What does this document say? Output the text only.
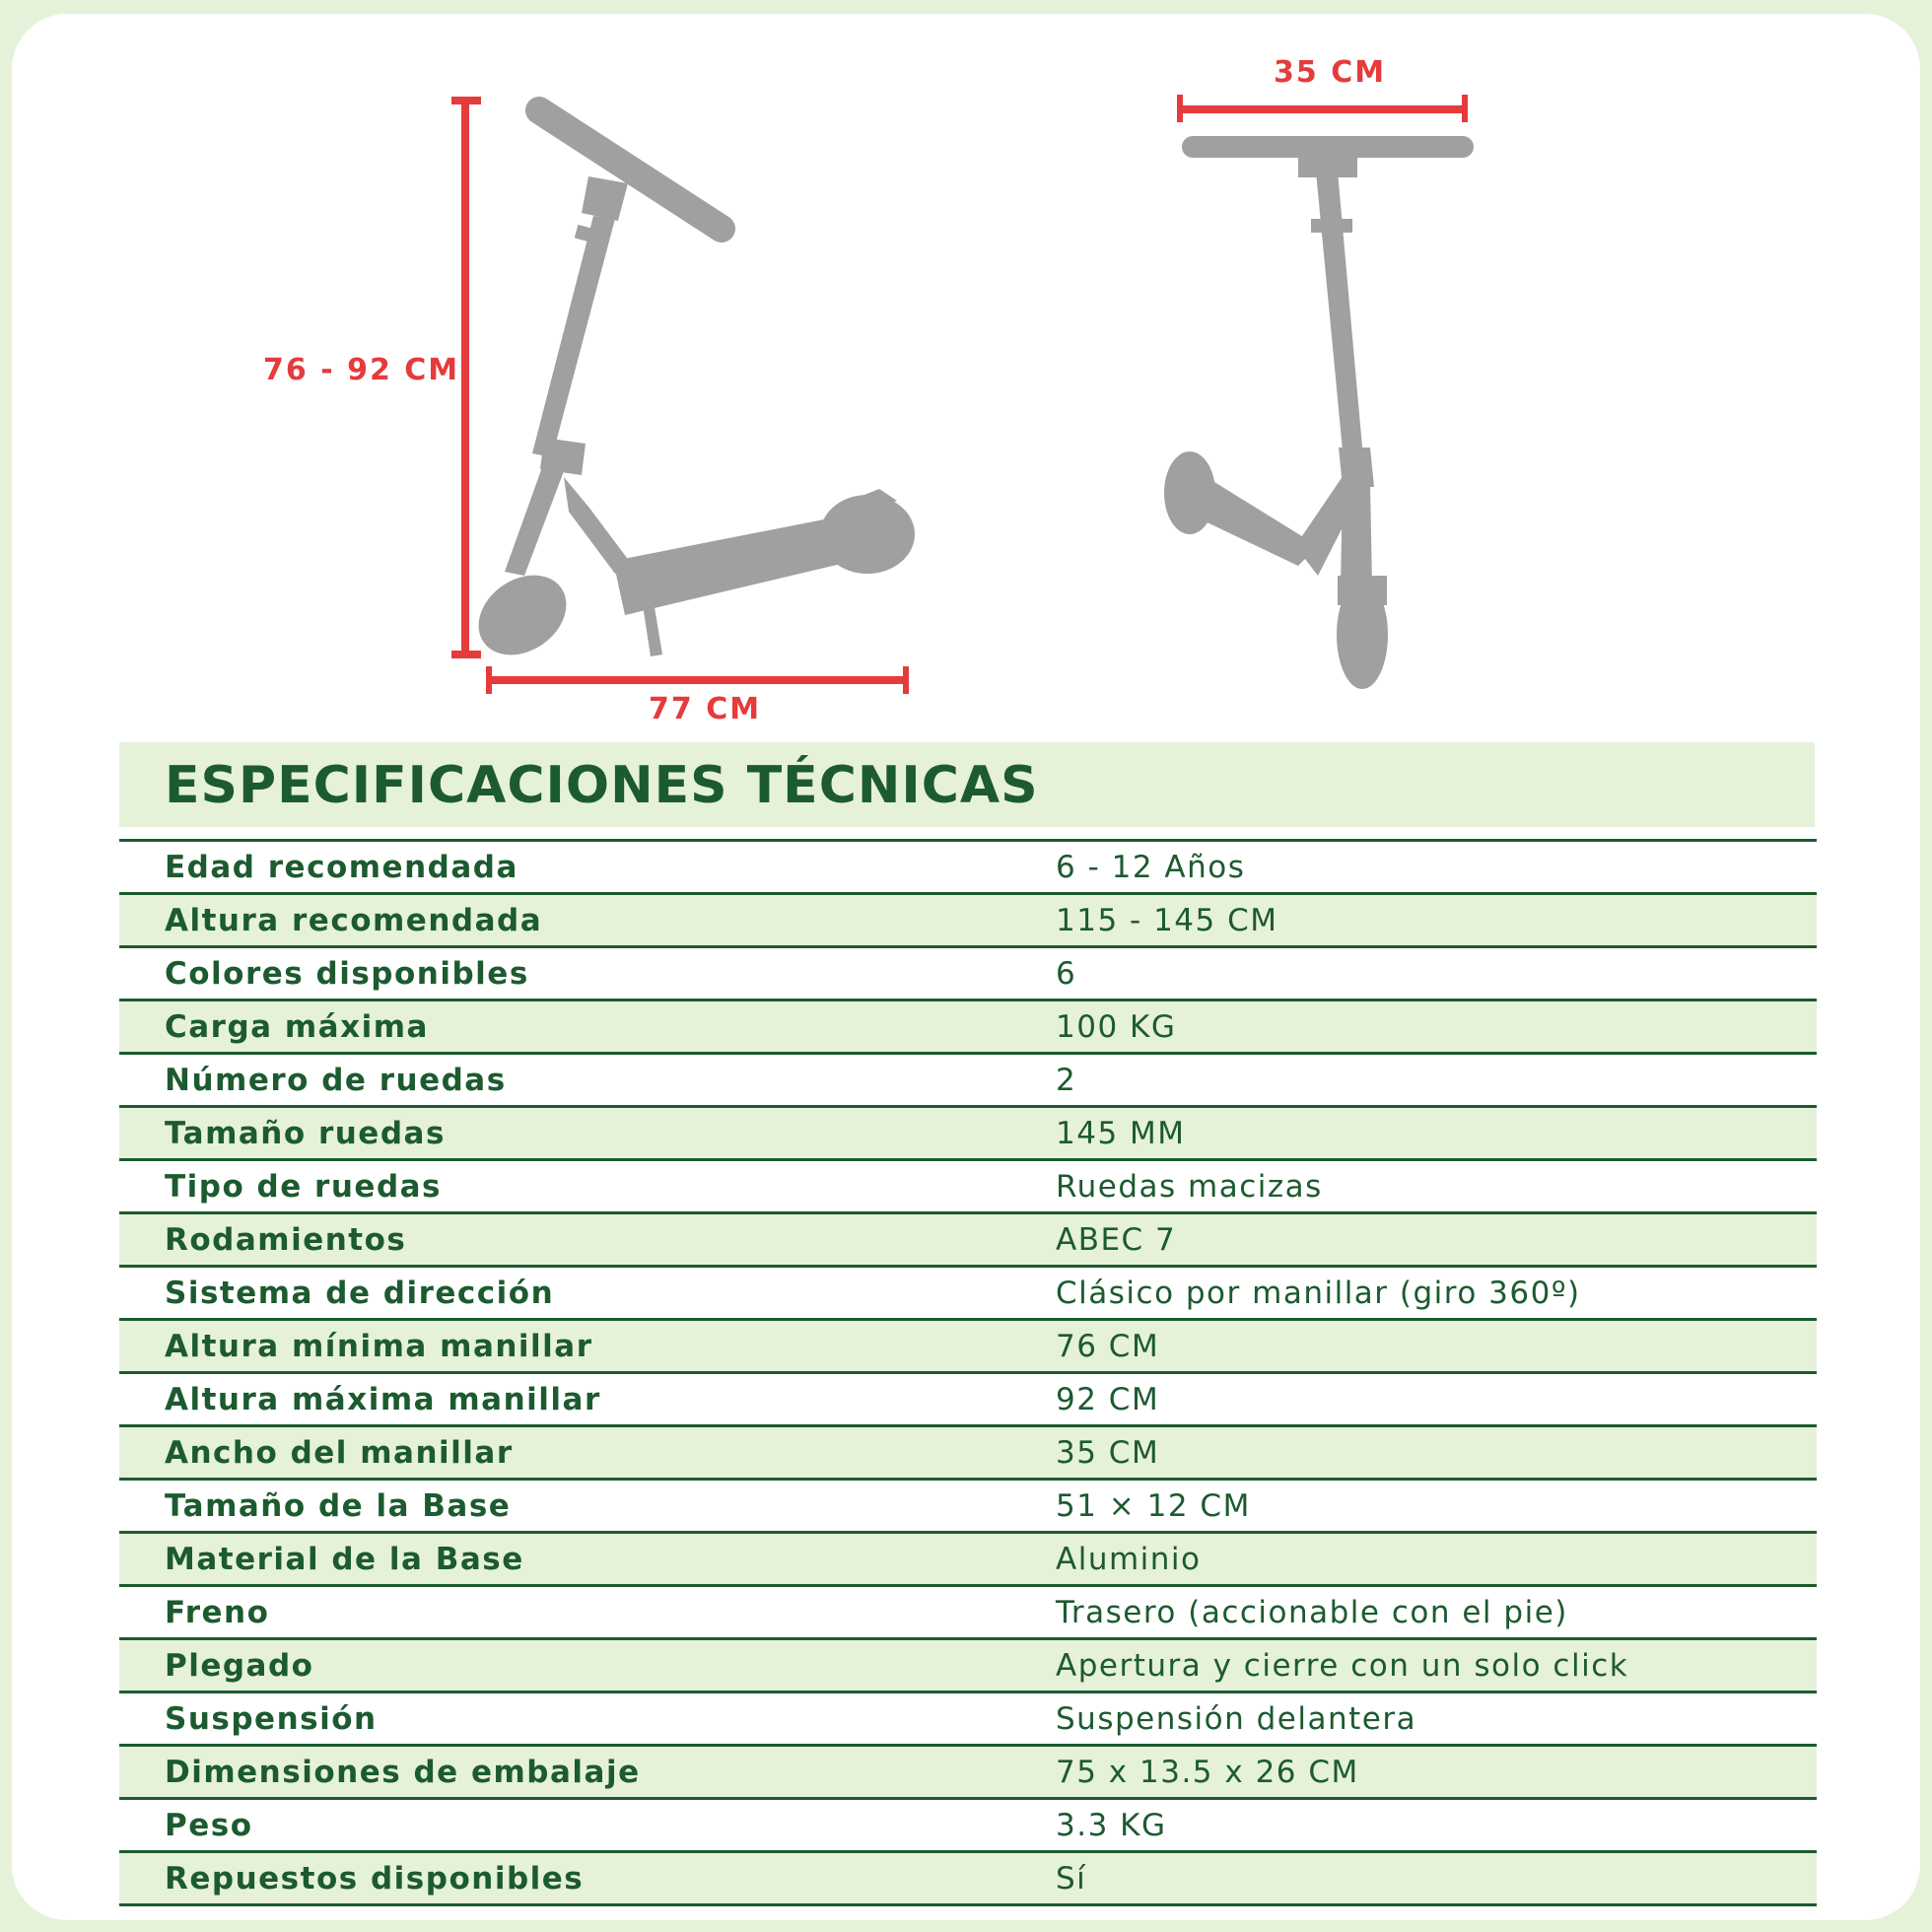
76 - 92 CM
77 CM
35 CM
ESPECIFICACIONES TÉCNICAS
Edad recomendada	6 - 12 Años
Altura recomendada	115 - 145 CM
Colores disponibles	6
Carga máxima	100 KG
Número de ruedas	2
Tamaño ruedas	145 MM
Tipo de ruedas	Ruedas macizas
Rodamientos	ABEC 7
Sistema de dirección	Clásico por manillar (giro 360º)
Altura mínima manillar	76 CM
Altura máxima manillar	92 CM
Ancho del manillar	35 CM
Tamaño de la Base	51 × 12 CM
Material de la Base	Aluminio
Freno	Trasero (accionable con el pie)
Plegado	Apertura y cierre con un solo click
Suspensión	Suspensión delantera
Dimensiones de embalaje	75 x 13.5 x 26 CM
Peso	3.3 KG
Repuestos disponibles	Sí
